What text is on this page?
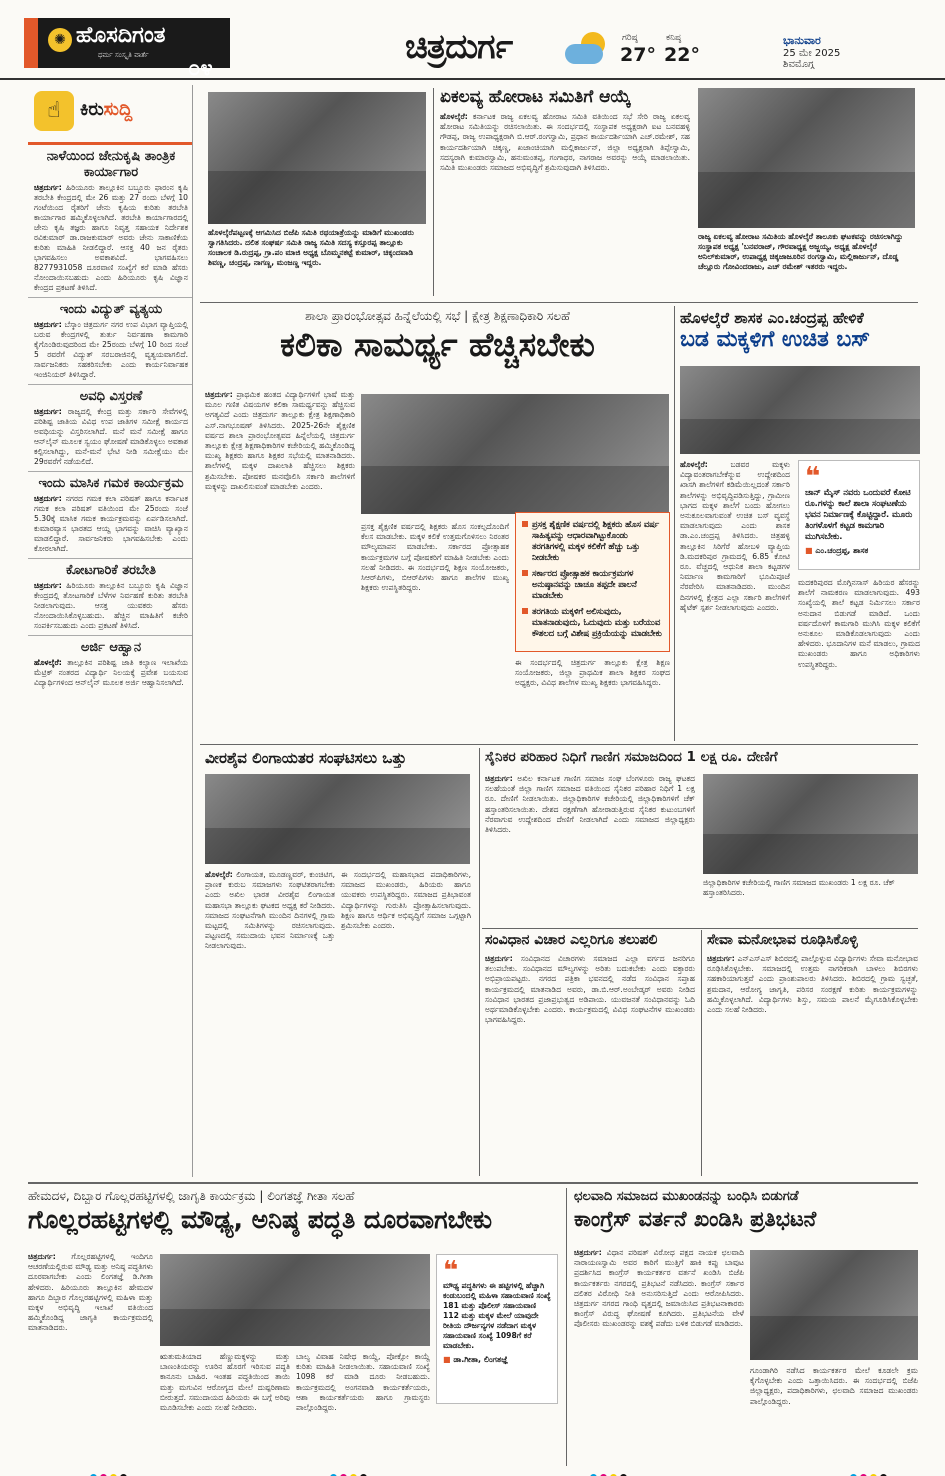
✺ ಹೊಸದಿಗಂತ
ಧರ್ಮ ಸಂಸ್ಕೃತಿ ವಾರ್ತೆ
೦೪
ಚಿತ್ರದುರ್ಗ	ಗರಿಷ್ಠ
27°
ಕನಿಷ್ಠ
22°
ಭಾನುವಾರ
25 ಮೇ 2025
ಶಿವಮೊಗ್ಗ
☝	ಕಿರುಸುದ್ದಿ
ನಾಳೆಯಿಂದ ಜೇನುಕೃಷಿ ತಾಂತ್ರಿಕ ಕಾರ್ಯಾಗಾರ

ಚಿತ್ರದುರ್ಗ: ಹಿರಿಯೂರು ತಾಲ್ಲೂಕಿನ ಬಬ್ಬೂರು ಫಾರಂನ ಕೃಷಿ ತರಬೇತಿ ಕೇಂದ್ರದಲ್ಲಿ ಮೇ 26 ಮತ್ತು 27 ರಂದು ಬೆಳಗ್ಗೆ 10 ಗಂಟೆಯಿಂದ ರೈತರಿಗೆ ಜೇನು ಕೃಷಿಯ ಕುರಿತು ತರಬೇತಿ ಕಾರ್ಯಾಗಾರ ಹಮ್ಮಿಕೊಳ್ಳಲಾಗಿದೆ. ತರಬೇತಿ ಕಾರ್ಯಾಗಾರದಲ್ಲಿ ಜೇನು ಕೃಷಿ ತಜ್ಞರು ಹಾಗೂ ನಿವೃತ್ತ ಸಹಾಯಕ ನಿರ್ದೇಶಕ ರವಿಕುಮಾರ್ ಡಾ.ರಾಜಕುಮಾರ್ ಅವರು ಜೇನು ಸಾಕಾಣಿಕೆಯ ಕುರಿತು ಮಾಹಿತಿ ನೀಡಲಿದ್ದಾರೆ. ಆಸಕ್ತ 40 ಜನ ರೈತರು ಭಾಗವಹಿಸಲು ಅವಕಾಶವಿದೆ. ಭಾಗವಹಿಸಲು 8277931058 ದೂರವಾಣಿ ಸಂಖ್ಯೆಗೆ ಕರೆ ಮಾಡಿ ಹೆಸರು ನೋಂದಾಯಿಸಬಹುದು ಎಂದು ಹಿರಿಯೂರು ಕೃಷಿ ವಿಜ್ಞಾನ ಕೇಂದ್ರದ ಪ್ರಕಟಣೆ ತಿಳಿಸಿದೆ.

ಇಂದು ವಿದ್ಯುತ್ ವ್ಯತ್ಯಯ

ಚಿತ್ರದುರ್ಗ: ಬೆಸ್ಕಾಂ ಚಿತ್ರದುರ್ಗ ನಗರ ಉಪ ವಿಭಾಗ ವ್ಯಾಪ್ತಿಯಲ್ಲಿ ಬರುವ ಕೇಂದ್ರಗಳಲ್ಲಿ ತುರ್ತು ನಿರ್ವಹಣಾ ಕಾಮಗಾರಿ ಕೈಗೊಂಡಿರುವುದರಿಂದ ಮೇ 25ರಂದು ಬೆಳಗ್ಗೆ 10 ರಿಂದ ಸಂಜೆ 5 ರವರೆಗೆ ವಿದ್ಯುತ್ ಸರಬರಾಜಿನಲ್ಲಿ ವ್ಯತ್ಯಯವಾಗಲಿದೆ. ಸಾರ್ವಜನಿಕರು ಸಹಕರಿಸಬೇಕು ಎಂದು ಕಾರ್ಯನಿರ್ವಾಹಕ ಇಂಜಿನಿಯರ್ ತಿಳಿಸಿದ್ದಾರೆ.

ಅವಧಿ ವಿಸ್ತರಣೆ

ಚಿತ್ರದುರ್ಗ: ರಾಜ್ಯದಲ್ಲಿ ಕೇಂದ್ರ ಮತ್ತು ಸರ್ಕಾರಿ ಸೇವೆಗಳಲ್ಲಿ ಪರಿಶಿಷ್ಟ ಜಾತಿಯ ವಿವಿಧ ಉಪ ಜಾತಿಗಳ ಸಮೀಕ್ಷೆ ಕಾರ್ಯದ ಅವಧಿಯನ್ನು ವಿಸ್ತರಿಸಲಾಗಿದೆ. ಮನೆ ಮನೆ ಸಮೀಕ್ಷೆ ಹಾಗೂ ಆನ್‌ಲೈನ್ ಮೂಲಕ ಸ್ವಯಂ ಘೋಷಣೆ ಮಾಡಿಕೊಳ್ಳಲು ಅವಕಾಶ ಕಲ್ಪಿಸಲಾಗಿದ್ದು, ಮನೆ-ಮನೆ ಭೇಟಿ ನೀಡಿ ಸಮೀಕ್ಷೆಯು ಮೇ 29ರವರೆಗೆ ನಡೆಯಲಿದೆ.

ಇಂದು ಮಾಸಿಕ ಗಮಕ ಕಾರ್ಯಕ್ರಮ

ಚಿತ್ರದುರ್ಗ: ನಗರದ ಗಮಕ ಕಲಾ ಪರಿಷತ್ ಹಾಗೂ ಕರ್ನಾಟಕ ಗಮಕ ಕಲಾ ಪರಿಷತ್ ವತಿಯಿಂದ ಮೇ 25ರಂದು ಸಂಜೆ 5.30ಕ್ಕೆ ಮಾಸಿಕ ಗಮಕ ಕಾರ್ಯಕ್ರಮವನ್ನು ಏರ್ಪಡಿಸಲಾಗಿದೆ. ಕುಮಾರವ್ಯಾಸ ಭಾರತದ ಆಯ್ದ ಭಾಗವನ್ನು ವಾಚಿಸಿ ವ್ಯಾಖ್ಯಾನ ಮಾಡಲಿದ್ದಾರೆ. ಸಾರ್ವಜನಿಕರು ಭಾಗವಹಿಸಬೇಕು ಎಂದು ಕೋರಲಾಗಿದೆ.

ಕೋಟಗಾರಿಕೆ ತರಬೇತಿ

ಚಿತ್ರದುರ್ಗ: ಹಿರಿಯೂರು ತಾಲ್ಲೂಕಿನ ಬಬ್ಬೂರು ಕೃಷಿ ವಿಜ್ಞಾನ ಕೇಂದ್ರದಲ್ಲಿ ತೋಟಗಾರಿಕೆ ಬೆಳೆಗಳ ನಿರ್ವಹಣೆ ಕುರಿತು ತರಬೇತಿ ನೀಡಲಾಗುವುದು. ಆಸಕ್ತ ಯುವಕರು ಹೆಸರು ನೋಂದಾಯಿಸಿಕೊಳ್ಳಬಹುದು. ಹೆಚ್ಚಿನ ಮಾಹಿತಿಗೆ ಕಚೇರಿ ಸಂಪರ್ಕಿಸಬಹುದು ಎಂದು ಪ್ರಕಟಣೆ ತಿಳಿಸಿದೆ.

ಅರ್ಜಿ ಆಹ್ವಾನ

ಹೊಳಲ್ಕೆರೆ: ತಾಲ್ಲೂಕಿನ ಪರಿಶಿಷ್ಟ ಜಾತಿ ಕಲ್ಯಾಣ ಇಲಾಖೆಯ ಮೆಟ್ರಿಕ್ ನಂತರದ ವಿದ್ಯಾರ್ಥಿ ನಿಲಯಕ್ಕೆ ಪ್ರವೇಶ ಬಯಸುವ ವಿದ್ಯಾರ್ಥಿಗಳಿಂದ ಆನ್‌ಲೈನ್ ಮೂಲಕ ಅರ್ಜಿ ಆಹ್ವಾನಿಸಲಾಗಿದೆ.

ಹೊಳಲ್ಕೆರೆಪಟ್ಟಣಕ್ಕೆ ಆಗಮಿಸಿದ ಬಿಜೆಪಿ ಸಮಿತಿ ರಥಯಾತ್ರೆಯನ್ನು ಮಾಡಿಗೆ ಮುಖಂಡರು ಸ್ವಾಗತಿಸಿದರು. ದಲಿತ ಸಂಘರ್ಷ ಸಮಿತಿ ರಾಜ್ಯ ಸಮಿತಿ ಸದಸ್ಯ ಕಸ್ತೂರಪ್ಪ ತಾಲ್ಲೂಕು ಸಂಚಾಲಕ ಡಿ.ರುದ್ರಪ್ಪ, ಗ್ರಾ.ಪಂ ಮಾಜಿ ಅಧ್ಯಕ್ಷ ಬೊಮ್ಮನಕಟ್ಟೆ ಕುಮಾರ್, ಚಿಕ್ಕಂದವಾಡಿ ಶಿವಣ್ಣ, ಚಂದ್ರಪ್ಪ, ನಾಗಣ್ಣ, ಮಂಜಣ್ಣ ಇದ್ದರು.
ಏಕಲವ್ಯ ಹೋರಾಟ ಸಮಿತಿಗೆ ಆಯ್ಕೆ

ಹೊಳಲ್ಕೆರೆ: ಕರ್ನಾಟಕ ರಾಜ್ಯ ಏಕಲವ್ಯ ಹೋರಾಟ ಸಮಿತಿ ವತಿಯಿಂದ ಸಭೆ ಸೇರಿ ರಾಜ್ಯ ಏಕಲವ್ಯ ಹೋರಾಟ ಸಮಿತಿಯನ್ನು ರಚಿಸಲಾಯಿತು. ಈ ಸಂದರ್ಭದಲ್ಲಿ ಸಂಸ್ಥಾಪಕ ಅಧ್ಯಕ್ಷರಾಗಿ ಐಟ ಬನವಹಳ್ಳಿ ಗೌಡಪ್ಪ, ರಾಜ್ಯ ಉಪಾಧ್ಯಕ್ಷರಾಗಿ ಬಿ.ಆರ್.ರಂಗಸ್ವಾಮಿ, ಪ್ರಧಾನ ಕಾರ್ಯದರ್ಶಿಯಾಗಿ ಎಚ್.ರಮೇಶ್, ಸಹ ಕಾರ್ಯದರ್ಶಿಯಾಗಿ ಚಿಕ್ಕಣ್ಣ, ಖಜಾಂಚಿಯಾಗಿ ಮಲ್ಲಿಕಾರ್ಜುನ್, ಜಿಲ್ಲಾ ಅಧ್ಯಕ್ಷರಾಗಿ ತಿಪ್ಪೇಸ್ವಾಮಿ, ಸದಸ್ಯರಾಗಿ ಕುಮಾರಸ್ವಾಮಿ, ಹನುಮಂತಪ್ಪ, ಗಂಗಾಧರ, ನಾಗರಾಜ ಅವರನ್ನು ಆಯ್ಕೆ ಮಾಡಲಾಯಿತು. ಸಮಿತಿ ಮುಖಂಡರು ಸಮಾಜದ ಅಭಿವೃದ್ಧಿಗೆ ಶ್ರಮಿಸುವುದಾಗಿ ತಿಳಿಸಿದರು.

ರಾಜ್ಯ ಏಕಲವ್ಯ ಹೋರಾಟ ಸಮಿತಿಯ ಹೊಳಲ್ಕೆರೆ ತಾಲೂಕು ಘಟಕವನ್ನು ರಚಿಸಲಾಗಿದ್ದು ಸಂಸ್ಥಾಪಕ ಅಧ್ಯಕ್ಷ 'ಬನವರಾಜ್, ಗೌರವಾಧ್ಯಕ್ಷ ಅಜ್ಜಯ್ಯ, ಅಧ್ಯಕ್ಷ ಹೊಳಲ್ಕೆರೆ ಅನಿಲ್‌ಕುಮಾರ್, ಉಪಾಧ್ಯಕ್ಷ ಚಿಕ್ಕಜಾಜೂರಿನ ರಂಗಸ್ವಾಮಿ, ಮಲ್ಲಿಕಾರ್ಜುನ್, ದೊಡ್ಡ ಚೆಲ್ಲೂರು ಗೋವಿಂದರಾಜು, ಎಚ್ ರಮೇಶ್ ಇತರರು ಇದ್ದರು.
ಶಾಲಾ ಪ್ರಾರಂಭೋತ್ಸವ ಹಿನ್ನೆಲೆಯಲ್ಲಿ ಸಭೆ | ಕ್ಷೇತ್ರ ಶಿಕ್ಷಣಾಧಿಕಾರಿ ಸಲಹೆ
ಕಲಿಕಾ ಸಾಮರ್ಥ್ಯ ಹೆಚ್ಚಿಸಬೇಕು

ಚಿತ್ರದುರ್ಗ: ಪ್ರಾಥಮಿಕ ಹಂತದ ವಿದ್ಯಾರ್ಥಿಗಳಿಗೆ ಭಾಷೆ ಮತ್ತು ಮೂಲ ಗಣಿತ ವಿಷಯಗಳ ಕಲಿಕಾ ಸಾಮರ್ಥ್ಯವನ್ನು ಹೆಚ್ಚಿಸುವ ಅಗತ್ಯವಿದೆ ಎಂದು ಚಿತ್ರದುರ್ಗ ತಾಲ್ಲೂಕು ಕ್ಷೇತ್ರ ಶಿಕ್ಷಣಾಧಿಕಾರಿ ಎಸ್.ನಾಗಭೂಷಣ್ ತಿಳಿಸಿದರು. 2025-26ನೇ ಶೈಕ್ಷಣಿಕ ವರ್ಷದ ಶಾಲಾ ಪ್ರಾರಂಭೋತ್ಸವದ ಹಿನ್ನೆಲೆಯಲ್ಲಿ ಚಿತ್ರದುರ್ಗ ತಾಲ್ಲೂಕು ಕ್ಷೇತ್ರ ಶಿಕ್ಷಣಾಧಿಕಾರಿಗಳ ಕಚೇರಿಯಲ್ಲಿ ಹಮ್ಮಿಕೊಂಡಿದ್ದ ಮುಖ್ಯ ಶಿಕ್ಷಕರು ಹಾಗೂ ಶಿಕ್ಷಕರ ಸಭೆಯಲ್ಲಿ ಮಾತನಾಡಿದರು. ಶಾಲೆಗಳಲ್ಲಿ ಮಕ್ಕಳ ದಾಖಲಾತಿ ಹೆಚ್ಚಿಸಲು ಶಿಕ್ಷಕರು ಶ್ರಮಿಸಬೇಕು. ಪೋಷಕರ ಮನವೊಲಿಸಿ ಸರ್ಕಾರಿ ಶಾಲೆಗಳಿಗೆ ಮಕ್ಕಳನ್ನು ದಾಖಲಿಸುವಂತೆ ಮಾಡಬೇಕು ಎಂದರು.

ಪ್ರಸಕ್ತ ಶೈಕ್ಷಣಿಕ ವರ್ಷದಲ್ಲಿ ಶಿಕ್ಷಕರು ಹೊಸ ಸಂಕಲ್ಪದೊಂದಿಗೆ ಕೆಲಸ ಮಾಡಬೇಕು. ಮಕ್ಕಳ ಕಲಿಕೆ ಉತ್ತಮಗೊಳಿಸಲು ನಿರಂತರ ಮೌಲ್ಯಮಾಪನ ಮಾಡಬೇಕು. ಸರ್ಕಾರದ ಪ್ರೋತ್ಸಾಹಕ ಕಾರ್ಯಕ್ರಮಗಳ ಬಗ್ಗೆ ಪೋಷಕರಿಗೆ ಮಾಹಿತಿ ನೀಡಬೇಕು ಎಂದು ಸಲಹೆ ನೀಡಿದರು. ಈ ಸಂದರ್ಭದಲ್ಲಿ ಶಿಕ್ಷಣ ಸಂಯೋಜಕರು, ಸಿಆರ್‌ಪಿಗಳು, ಬಿಆರ್‌ಪಿಗಳು ಹಾಗೂ ಶಾಲೆಗಳ ಮುಖ್ಯ ಶಿಕ್ಷಕರು ಉಪಸ್ಥಿತರಿದ್ದರು.

ಪ್ರಸಕ್ತ ಶೈಕ್ಷಣಿಕ ವರ್ಷದಲ್ಲಿ ಶಿಕ್ಷಕರು ಹೊಸ ವರ್ಷ ಸಾಹಿತ್ಯವನ್ನು ಆಧಾರವಾಗಿಟ್ಟುಕೊಂಡು ತರಗತಿಗಳಲ್ಲಿ ಮಕ್ಕಳ ಕಲಿಕೆಗೆ ಹೆಚ್ಚು ಒತ್ತು ನೀಡಬೇಕು
ಸರ್ಕಾರದ ಪ್ರೋತ್ಸಾಹಕ ಕಾರ್ಯಕ್ರಮಗಳ ಅನುಷ್ಠಾನವನ್ನು ಚಾಚೂ ತಪ್ಪದೇ ಪಾಲನೆ ಮಾಡಬೇಕು
ತರಗತಿಯ ಮಕ್ಕಳಿಗೆ ಅಲಿಸುವುದು, ಮಾತನಾಡುವುದು, ಓದುವುದು ಮತ್ತು ಬರೆಯುವ ಕೌಶಲದ ಬಗ್ಗೆ ವಿಶೇಷ ಪ್ರಕ್ರಿಯೆಯನ್ನು ಮಾಡಬೇಕು

ಈ ಸಂದರ್ಭದಲ್ಲಿ ಚಿತ್ರದುರ್ಗ ತಾಲ್ಲೂಕು ಕ್ಷೇತ್ರ ಶಿಕ್ಷಣ ಸಂಯೋಜಕರು, ಜಿಲ್ಲಾ ಪ್ರಾಥಮಿಕ ಶಾಲಾ ಶಿಕ್ಷಕರ ಸಂಘದ ಅಧ್ಯಕ್ಷರು, ವಿವಿಧ ಶಾಲೆಗಳ ಮುಖ್ಯ ಶಿಕ್ಷಕರು ಭಾಗವಹಿಸಿದ್ದರು.

ಹೊಳಲ್ಕೆರೆ ಶಾಸಕ ಎಂ.ಚಂದ್ರಪ್ಪ ಹೇಳಿಕೆ
ಬಡ ಮಕ್ಕಳಿಗೆ ಉಚಿತ ಬಸ್

ಹೊಳಲ್ಕೆರೆ:	ಬಡವರ ಮಕ್ಕಳು ವಿದ್ಯಾವಂತರಾಗಬೇಕೆನ್ನುವ ಉದ್ದೇಶದಿಂದ ಖಾಸಗಿ ಶಾಲೆಗಳಿಗೆ ಕಡಿಮೆಯಿಲ್ಲದಂತೆ ಸರ್ಕಾರಿ ಶಾಲೆಗಳನ್ನು ಅಭಿವೃದ್ಧಿಪಡಿಸುತ್ತಿದ್ದು, ಗ್ರಾಮೀಣ ಭಾಗದ ಮಕ್ಕಳ ಶಾಲೆಗೆ ಬಂದು ಹೋಗಲು ಅನುಕೂಲವಾಗುವಂತೆ ಉಚಿತ ಬಸ್ ವ್ಯವಸ್ಥೆ ಮಾಡಲಾಗುವುದು ಎಂದು ಶಾಸಕ ಡಾ.ಎಂ.ಚಂದ್ರಪ್ಪ ತಿಳಿಸಿದರು. ಚಿತ್ರಹಳ್ಳಿ ತಾಲ್ಲೂಕಿನ ಸಿರಿಗೆರೆ ಹೋಬಳಿ ವ್ಯಾಪ್ತಿಯ ಡಿ.ಮದಕರಿಪುರ ಗ್ರಾಮದಲ್ಲಿ 6.85 ಕೋಟಿ ರೂ. ವೆಚ್ಚದಲ್ಲಿ ಆಧುನಿಕ ಶಾಲಾ ಕಟ್ಟಡಗಳ ನಿರ್ಮಾಣ ಕಾಮಗಾರಿಗೆ ಭೂಮಿಪೂಜೆ ನೆರವೇರಿಸಿ ಮಾತನಾಡಿದರು. ಮುಂದಿನ ದಿನಗಳಲ್ಲಿ ಕ್ಷೇತ್ರದ ಎಲ್ಲಾ ಸರ್ಕಾರಿ ಶಾಲೆಗಳಿಗೆ ಹೈಟೆಕ್ ಸ್ಪರ್ಶ ನೀಡಲಾಗುವುದು ಎಂದರು.

❝
ಜಾನ್ ಮೈಸ್ ನವರು ಒಂದುವರೆ ಕೋಟಿ ರೂ.ಗಳನ್ನು ಕಾಲೆ ಶಾಲಾ ಸಂಘಟಣೆಯ ಭವನ ನಿರ್ಮಾಣಕ್ಕೆ ಕೊಟ್ಟಿದ್ದಾರೆ. ಮೂರು ತಿಂಗಳೊಳಗೆ ಕಟ್ಟಡ ಕಾಮಗಾರಿ ಮುಗಿಸಬೇಕು.
■ ಎಂ.ಚಂದ್ರಪ್ಪ, ಶಾಸಕ

ಮದಕರಿಪುರದ ಮೊಗ್ಗಿನಸಾಸ್ ಹಿರಿಯರ ಹೆಸರನ್ನು ಶಾಲೆಗೆ ನಾಮಕರಣ ಮಾಡಲಾಗುವುದು. 493 ಸಂಖ್ಯೆಯಲ್ಲಿ ಶಾಲೆ ಕಟ್ಟಡ ನಿರ್ಮಿಸಲು ಸರ್ಕಾರ ಅನುದಾನ ಬಿಡುಗಡೆ ಮಾಡಿದೆ. ಒಂದು ವರ್ಷದೊಳಗೆ ಕಾಮಗಾರಿ ಮುಗಿಸಿ ಮಕ್ಕಳ ಕಲಿಕೆಗೆ ಅನುಕೂಲ ಮಾಡಿಕೊಡಲಾಗುವುದು ಎಂದು ಹೇಳಿದರು. ಭೂದಾನಿಗಳ ಮನೆ ಮಾಡಲು, ಗ್ರಾಮದ ಮುಖಂಡರು ಹಾಗೂ ಅಧಿಕಾರಿಗಳು ಉಪಸ್ಥಿತರಿದ್ದರು.

ವೀರಶೈವ ಲಿಂಗಾಯತರ ಸಂಘಟಿಸಲು ಒತ್ತು

ಹೊಳಲ್ಕೆರೆ: ಲಿಂಗಾಯತ, ಮೂಡಣ್ಣವರ್, ಕುಂಚಿಟಿಗ, ಪ್ರಾಣಕ ಕುರುಬ ಸಮಾಜಗಳು ಸಂಘಟಿತರಾಗಬೇಕು ಎಂದು ಅಖಿಲ ಭಾರತ ವೀರಶೈವ ಲಿಂಗಾಯತ ಮಹಾಸಭಾ ತಾಲ್ಲೂಕು ಘಟಕದ ಅಧ್ಯಕ್ಷ ಕರೆ ನೀಡಿದರು. ಸಮಾಜದ ಸಂಘಟನೆಗಾಗಿ ಮುಂದಿನ ದಿನಗಳಲ್ಲಿ ಗ್ರಾಮ ಮಟ್ಟದಲ್ಲಿ ಸಮಿತಿಗಳನ್ನು ರಚಿಸಲಾಗುವುದು. ಪಟ್ಟಣದಲ್ಲಿ ಸಮುದಾಯ ಭವನ ನಿರ್ಮಾಣಕ್ಕೆ ಒತ್ತು ನೀಡಲಾಗುವುದು.

ಈ ಸಂದರ್ಭದಲ್ಲಿ ಮಹಾಸಭಾದ ಪದಾಧಿಕಾರಿಗಳು, ಸಮಾಜದ ಮುಖಂಡರು, ಹಿರಿಯರು ಹಾಗೂ ಯುವಕರು ಉಪಸ್ಥಿತರಿದ್ದರು. ಸಮಾಜದ ಪ್ರತಿಭಾವಂತ ವಿದ್ಯಾರ್ಥಿಗಳನ್ನು ಗುರುತಿಸಿ ಪ್ರೋತ್ಸಾಹಿಸಲಾಗುವುದು. ಶಿಕ್ಷಣ ಹಾಗೂ ಆರ್ಥಿಕ ಅಭಿವೃದ್ಧಿಗೆ ಸಮಾಜ ಒಗ್ಗಟ್ಟಾಗಿ ಶ್ರಮಿಸಬೇಕು ಎಂದರು.

ಸೈನಿಕರ ಪರಿಹಾರ ನಿಧಿಗೆ ಗಾಣಿಗ ಸಮಾಜದಿಂದ 1 ಲಕ್ಷ ರೂ. ದೇಣಿಗೆ

ಚಿತ್ರದುರ್ಗ: ಅಖಿಲ ಕರ್ನಾಟಕ ಗಾಣಿಗ ಸಮಾಜ ಸಂಘ ಬೆಂಗಳೂರು ರಾಜ್ಯ ಘಟಕದ ಸಲಹೆಯಂತೆ ಜಿಲ್ಲಾ ಗಾಣಿಗ ಸಮಾಜದ ವತಿಯಿಂದ ಸೈನಿಕರ ಪರಿಹಾರ ನಿಧಿಗೆ 1 ಲಕ್ಷ ರೂ. ದೇಣಿಗೆ ನೀಡಲಾಯಿತು. ಜಿಲ್ಲಾಧಿಕಾರಿಗಳ ಕಚೇರಿಯಲ್ಲಿ ಜಿಲ್ಲಾಧಿಕಾರಿಗಳಿಗೆ ಚೆಕ್ ಹಸ್ತಾಂತರಿಸಲಾಯಿತು. ದೇಶದ ರಕ್ಷಣೆಗಾಗಿ ಹೋರಾಡುತ್ತಿರುವ ಸೈನಿಕರ ಕುಟುಂಬಗಳಿಗೆ ನೆರವಾಗುವ ಉದ್ದೇಶದಿಂದ ದೇಣಿಗೆ ನೀಡಲಾಗಿದೆ ಎಂದು ಸಮಾಜದ ಜಿಲ್ಲಾಧ್ಯಕ್ಷರು ತಿಳಿಸಿದರು.

ಜಿಲ್ಲಾಧಿಕಾರಿಗಳ ಕಚೇರಿಯಲ್ಲಿ ಗಾಣಿಗ ಸಮಾಜದ ಮುಖಂಡರು 1 ಲಕ್ಷ ರೂ. ಚೆಕ್ ಹಸ್ತಾಂತರಿಸಿದರು.
ಸಂವಿಧಾನ ವಿಚಾರ ಎಲ್ಲರಿಗೂ ತಲುಪಲಿ

ಚಿತ್ರದುರ್ಗ: ಸಂವಿಧಾನದ ವಿಚಾರಗಳು ಸಮಾಜದ ಎಲ್ಲಾ ವರ್ಗದ ಜನರಿಗೂ ತಲುಪಬೇಕು. ಸಂವಿಧಾನದ ಮೌಲ್ಯಗಳನ್ನು ಅರಿತು ಬದುಕಬೇಕು ಎಂದು ವಕ್ತಾರರು ಅಭಿಪ್ರಾಯಪಟ್ಟರು. ನಗರದ ಪತ್ರಿಕಾ ಭವನದಲ್ಲಿ ನಡೆದ ಸಂವಿಧಾನ ಸಪ್ತಾಹ ಕಾರ್ಯಕ್ರಮದಲ್ಲಿ ಮಾತನಾಡಿದ ಅವರು, ಡಾ.ಬಿ.ಆರ್.ಅಂಬೇಡ್ಕರ್ ಅವರು ನೀಡಿದ ಸಂವಿಧಾನ ಭಾರತದ ಪ್ರಜಾಪ್ರಭುತ್ವದ ಅಡಿಪಾಯ. ಯುವಜನತೆ ಸಂವಿಧಾನವನ್ನು ಓದಿ ಅರ್ಥಮಾಡಿಕೊಳ್ಳಬೇಕು ಎಂದರು. ಕಾರ್ಯಕ್ರಮದಲ್ಲಿ ವಿವಿಧ ಸಂಘಟನೆಗಳ ಮುಖಂಡರು ಭಾಗವಹಿಸಿದ್ದರು.

ಸೇವಾ ಮನೋಭಾವ ರೂಢಿಸಿಕೊಳ್ಳಿ

ಚಿತ್ರದುರ್ಗ: ಎನ್‌ಎಸ್‌ಎಸ್ ಶಿಬಿರದಲ್ಲಿ ಪಾಲ್ಗೊಳ್ಳುವ ವಿದ್ಯಾರ್ಥಿಗಳು ಸೇವಾ ಮನೋಭಾವ ರೂಢಿಸಿಕೊಳ್ಳಬೇಕು. ಸಮಾಜದಲ್ಲಿ ಉತ್ತಮ ನಾಗರಿಕರಾಗಿ ಬಾಳಲು ಶಿಬಿರಗಳು ಸಹಕಾರಿಯಾಗುತ್ತವೆ ಎಂದು ಪ್ರಾಂಶುಪಾಲರು ತಿಳಿಸಿದರು. ಶಿಬಿರದಲ್ಲಿ ಗ್ರಾಮ ಸ್ವಚ್ಛತೆ, ಶ್ರಮದಾನ, ಆರೋಗ್ಯ ಜಾಗೃತಿ, ಪರಿಸರ ಸಂರಕ್ಷಣೆ ಕುರಿತು ಕಾರ್ಯಕ್ರಮಗಳನ್ನು ಹಮ್ಮಿಕೊಳ್ಳಲಾಗಿದೆ. ವಿದ್ಯಾರ್ಥಿಗಳು ಶಿಸ್ತು, ಸಮಯ ಪಾಲನೆ ಮೈಗೂಡಿಸಿಕೊಳ್ಳಬೇಕು ಎಂದು ಸಲಹೆ ನೀಡಿದರು.

ಹೇಮದಳ, ದಿಬ್ಬಾರ ಗೊಲ್ಲರಹಟ್ಟಿಗಳಲ್ಲಿ ಜಾಗೃತಿ ಕಾರ್ಯಕ್ರಮ | ಲಿಂಗತಜ್ಞೆ ಗೀತಾ ಸಲಹೆ
ಗೊಲ್ಲರಹಟ್ಟಿಗಳಲ್ಲಿ ಮೌಢ್ಯ, ಅನಿಷ್ಠ ಪದ್ಧತಿ ದೂರವಾಗಬೇಕು

ಚಿತ್ರದುರ್ಗ: ಗೊಲ್ಲರಹಟ್ಟಿಗಳಲ್ಲಿ ಇಂದಿಗೂ ಆಚರಣೆಯಲ್ಲಿರುವ ಮೌಢ್ಯ ಮತ್ತು ಅನಿಷ್ಠ ಪದ್ಧತಿಗಳು ದೂರವಾಗಬೇಕು ಎಂದು ಲಿಂಗತಜ್ಞೆ ಡಿ.ಗೀತಾ ಹೇಳಿದರು. ಹಿರಿಯೂರು ತಾಲ್ಲೂಕಿನ ಹೇಮದಳ ಹಾಗೂ ದಿಬ್ಬಾರ ಗೊಲ್ಲರಹಟ್ಟಿಗಳಲ್ಲಿ ಮಹಿಳಾ ಮತ್ತು ಮಕ್ಕಳ ಅಭಿವೃದ್ಧಿ ಇಲಾಖೆ ವತಿಯಿಂದ ಹಮ್ಮಿಕೊಂಡಿದ್ದ ಜಾಗೃತಿ ಕಾರ್ಯಕ್ರಮದಲ್ಲಿ ಮಾತನಾಡಿದರು.

ಋತುಮತಿಯಾದ ಹೆಣ್ಣುಮಕ್ಕಳನ್ನು ಮತ್ತು ಬಾಣಂತಿಯರನ್ನು ಊರಿನ ಹೊರಗೆ ಇರಿಸುವ ಪದ್ಧತಿ ಕಾನೂನು ಬಾಹಿರ. ಇಂತಹ ಪದ್ಧತಿಯಿಂದ ತಾಯಿ ಮತ್ತು ಮಗುವಿನ ಆರೋಗ್ಯದ ಮೇಲೆ ದುಷ್ಪರಿಣಾಮ ಬೀರುತ್ತದೆ. ಸಮುದಾಯದ ಹಿರಿಯರು ಈ ಬಗ್ಗೆ ಅರಿವು ಮೂಡಿಸಬೇಕು ಎಂದು ಸಲಹೆ ನೀಡಿದರು.

ಬಾಲ್ಯ ವಿವಾಹ ನಿಷೇಧ ಕಾಯ್ದೆ, ಪೋಕ್ಸೋ ಕಾಯ್ದೆ ಕುರಿತು ಮಾಹಿತಿ ನೀಡಲಾಯಿತು. ಸಹಾಯವಾಣಿ ಸಂಖ್ಯೆ 1098 ಕರೆ ಮಾಡಿ ದೂರು ನೀಡಬಹುದು. ಕಾರ್ಯಕ್ರಮದಲ್ಲಿ ಅಂಗನವಾಡಿ ಕಾರ್ಯಕರ್ತೆಯರು, ಆಶಾ ಕಾರ್ಯಕರ್ತೆಯರು ಹಾಗೂ ಗ್ರಾಮಸ್ಥರು ಪಾಲ್ಗೊಂಡಿದ್ದರು.

❝
ಮೌಢ್ಯ ಪದ್ಧತಿಗಳು ಈ ಹಟ್ಟಿಗಳಲ್ಲಿ ಹೆಚ್ಚಾಗಿ ಕಂಡುಬಂದಲ್ಲಿ ಮಹಿಳಾ ಸಹಾಯವಾಣಿ ಸಂಖ್ಯೆ 181 ಮತ್ತು ಪೊಲೀಸ್ ಸಹಾಯವಾಣಿ 112 ಮತ್ತು ಮಕ್ಕಳ ಮೇಲೆ ಯಾವುದೇ ರೀತಿಯ ದೌರ್ಜನ್ಯಗಳ ನಡೆದಾಗ ಮಕ್ಕಳ ಸಹಾಯವಾಣಿ ಸಂಖ್ಯೆ 1098ಗೆ ಕರೆ ಮಾಡಬೇಕು.
■ ಡಾ.ಗೀತಾ, ಲಿಂಗತಜ್ಞೆ
ಛಲವಾದಿ ಸಮಾಜದ ಮುಖಂಡನನ್ನು ಬಂಧಿಸಿ ಬಿಡುಗಡೆ
ಕಾಂಗ್ರೆಸ್ ವರ್ತನೆ ಖಂಡಿಸಿ ಪ್ರತಿಭಟನೆ

ಚಿತ್ರದುರ್ಗ: ವಿಧಾನ ಪರಿಷತ್ ವಿರೋಧ ಪಕ್ಷದ ನಾಯಕ ಛಲವಾದಿ ನಾರಾಯಣಸ್ವಾಮಿ ಅವರ ಕಾರಿಗೆ ಮುತ್ತಿಗೆ ಹಾಕಿ ಕಪ್ಪು ಬಾವುಟ ಪ್ರದರ್ಶಿಸಿದ ಕಾಂಗ್ರೆಸ್ ಕಾರ್ಯಕರ್ತರ ವರ್ತನೆ ಖಂಡಿಸಿ ಬಿಜೆಪಿ ಕಾರ್ಯಕರ್ತರು ನಗರದಲ್ಲಿ ಪ್ರತಿಭಟನೆ ನಡೆಸಿದರು. ಕಾಂಗ್ರೆಸ್ ಸರ್ಕಾರ ದಲಿತರ ವಿರೋಧಿ ನೀತಿ ಅನುಸರಿಸುತ್ತಿದೆ ಎಂದು ಆರೋಪಿಸಿದರು. ಚಿತ್ರದುರ್ಗ ನಗರದ ಗಾಂಧಿ ವೃತ್ತದಲ್ಲಿ ಜಮಾಯಿಸಿದ ಪ್ರತಿಭಟನಾಕಾರರು ಕಾಂಗ್ರೆಸ್ ವಿರುದ್ಧ ಘೋಷಣೆ ಕೂಗಿದರು. ಪ್ರತಿಭಟನೆಯ ವೇಳೆ ಪೊಲೀಸರು ಮುಖಂಡರನ್ನು ವಶಕ್ಕೆ ಪಡೆದು ಬಳಿಕ ಬಿಡುಗಡೆ ಮಾಡಿದರು.

ಗೂಂಡಾಗಿರಿ ನಡೆಸಿದ ಕಾರ್ಯಕರ್ತರ ಮೇಲೆ ಕೂಡಲೇ ಕ್ರಮ ಕೈಗೊಳ್ಳಬೇಕು ಎಂದು ಒತ್ತಾಯಿಸಿದರು. ಈ ಸಂದರ್ಭದಲ್ಲಿ ಬಿಜೆಪಿ ಜಿಲ್ಲಾಧ್ಯಕ್ಷರು, ಪದಾಧಿಕಾರಿಗಳು, ಛಲವಾದಿ ಸಮಾಜದ ಮುಖಂಡರು ಪಾಲ್ಗೊಂಡಿದ್ದರು.
